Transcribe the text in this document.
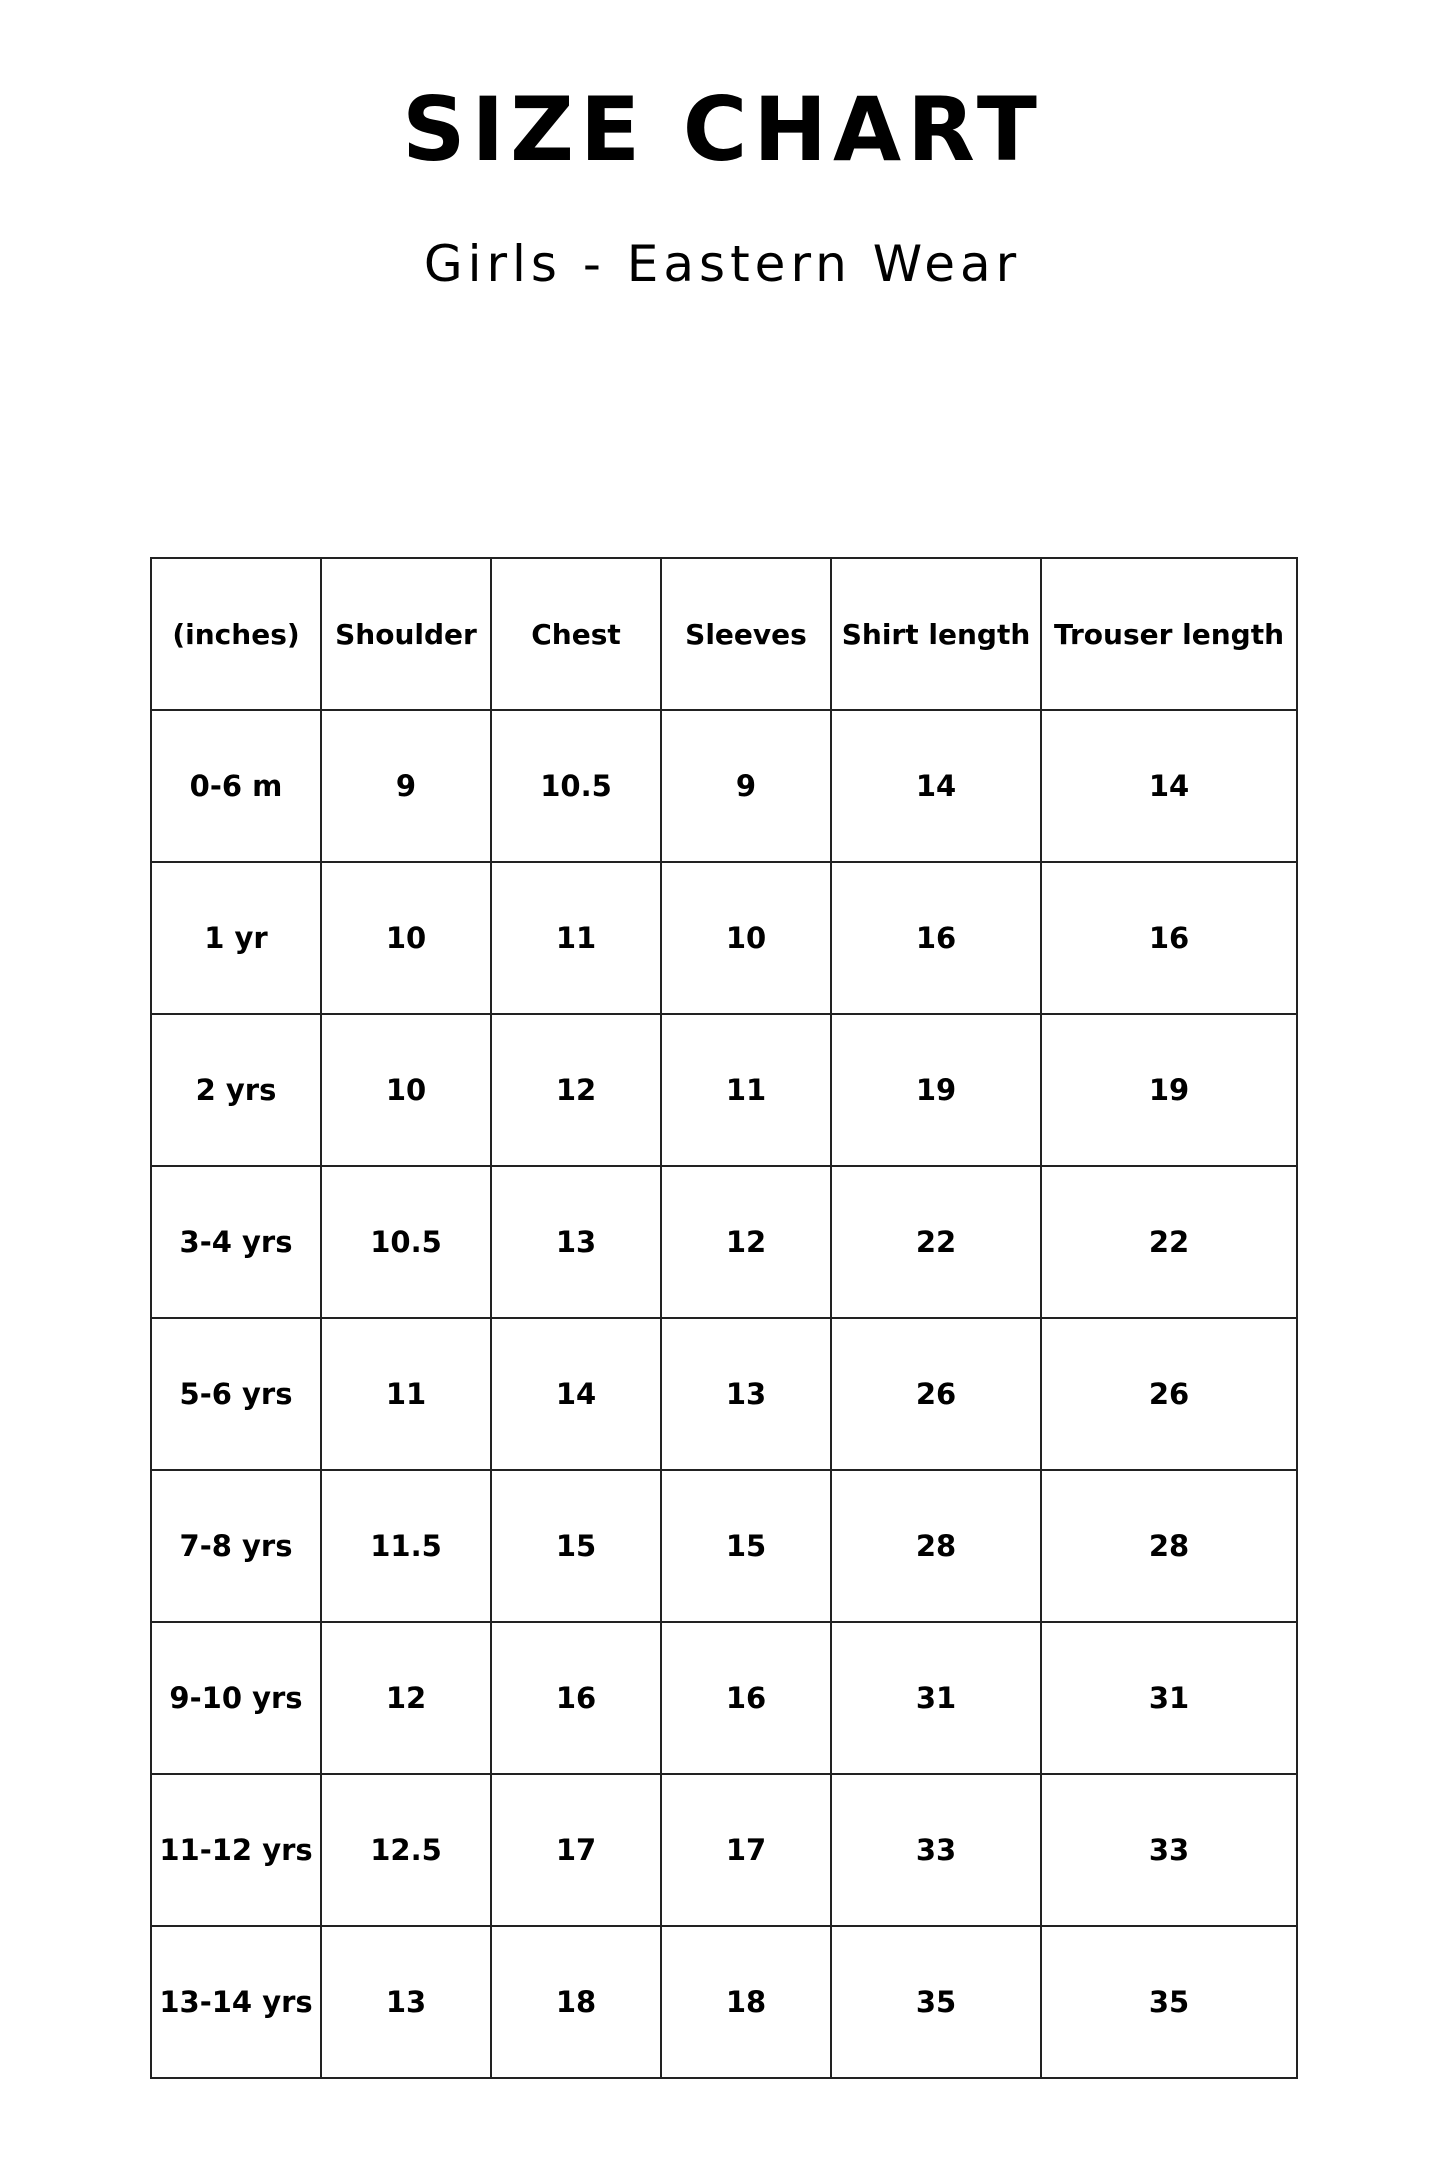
SIZE CHART

Girls - Eastern Wear

(inches)	Shoulder	Chest	Sleeves	Shirt length	Trouser length
0-6 m	9	10.5	9	14	14
1 yr	10	11	10	16	16
2 yrs	10	12	11	19	19
3-4 yrs	10.5	13	12	22	22
5-6 yrs	11	14	13	26	26
7-8 yrs	11.5	15	15	28	28
9-10 yrs	12	16	16	31	31
11-12 yrs	12.5	17	17	33	33
13-14 yrs	13	18	18	35	35
